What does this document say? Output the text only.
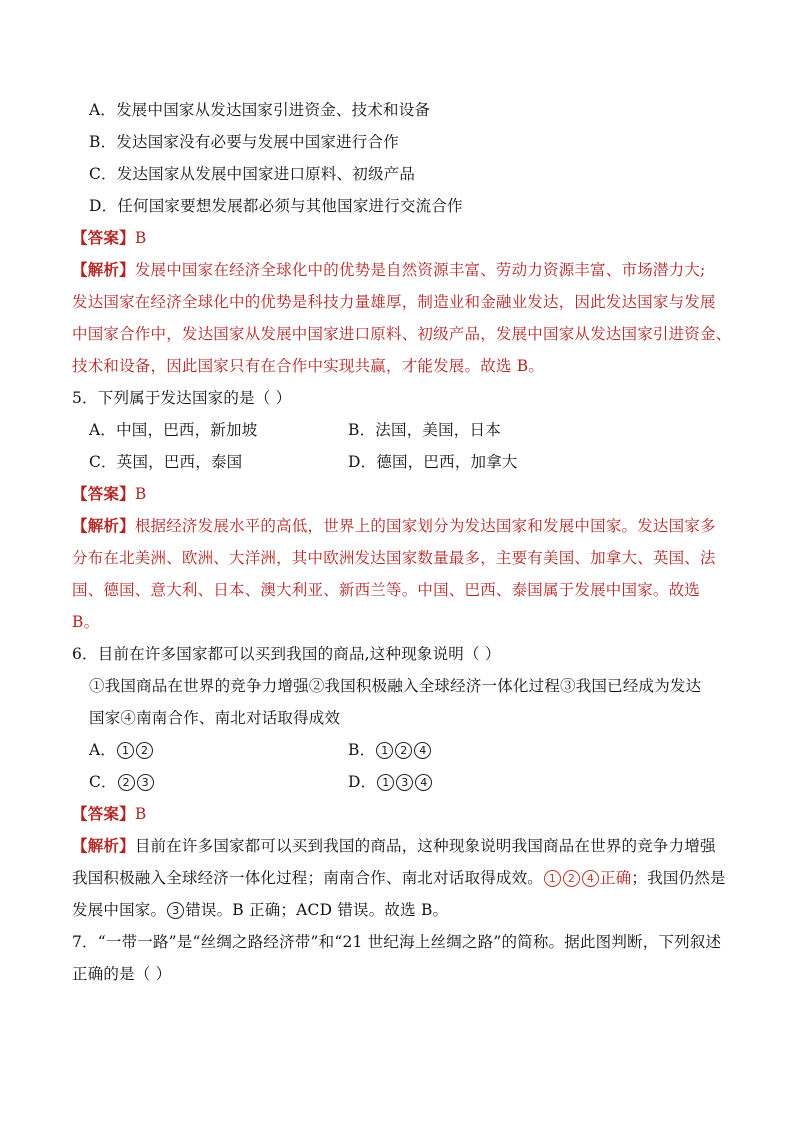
A．发展中国家从发达国家引进资金、技术和设备
B．发达国家没有必要与发展中国家进行合作
C．发达国家从发展中国家进口原料、初级产品
D．任何国家要想发展都必须与其他国家进行交流合作
【答案】B
【解析】发展中国家在经济全球化中的优势是自然资源丰富、劳动力资源丰富、市场潜力大;
发达国家在经济全球化中的优势是科技力量雄厚，制造业和金融业发达，因此发达国家与发展
中国家合作中，发达国家从发展中国家进口原料、初级产品，发展中国家从发达国家引进资金、
技术和设备，因此国家只有在合作中实现共赢，才能发展。故选 B。
5．下列属于发达国家的是（ ）
A．中国，巴西，新加坡	B．法国，美国，日本
C．英国，巴西，泰国	D．德国，巴西，加拿大
【答案】B
【解析】根据经济发展水平的高低，世界上的国家划分为发达国家和发展中国家。发达国家多
分布在北美洲、欧洲、大洋洲，其中欧洲发达国家数量最多，主要有美国、加拿大、英国、法
国、德国、意大利、日本、澳大利亚、新西兰等。中国、巴西、泰国属于发展中国家。故选
B。
6．目前在许多国家都可以买到我国的商品,这种现象说明（ ）
①我国商品在世界的竞争力增强②我国积极融入全球经济一体化过程③我国已经成为发达
国家④南南合作、南北对话取得成效
A． 1 2	B． 1 2 4
C． 2 3	D． 1 3 4
【答案】B
【解析】目前在许多国家都可以买到我国的商品，这种现象说明我国商品在世界的竞争力增强
我国积极融入全球经济一体化过程；南南合作、南北对话取得成效。 1 2 4 正确；我国仍然是
发展中国家。 3 错误。B 正确；ACD 错误。故选 B。
7．“一带一路”是“丝绸之路经济带”和“21 世纪海上丝绸之路”的简称。据此图判断，下列叙述
正确的是（ ）
